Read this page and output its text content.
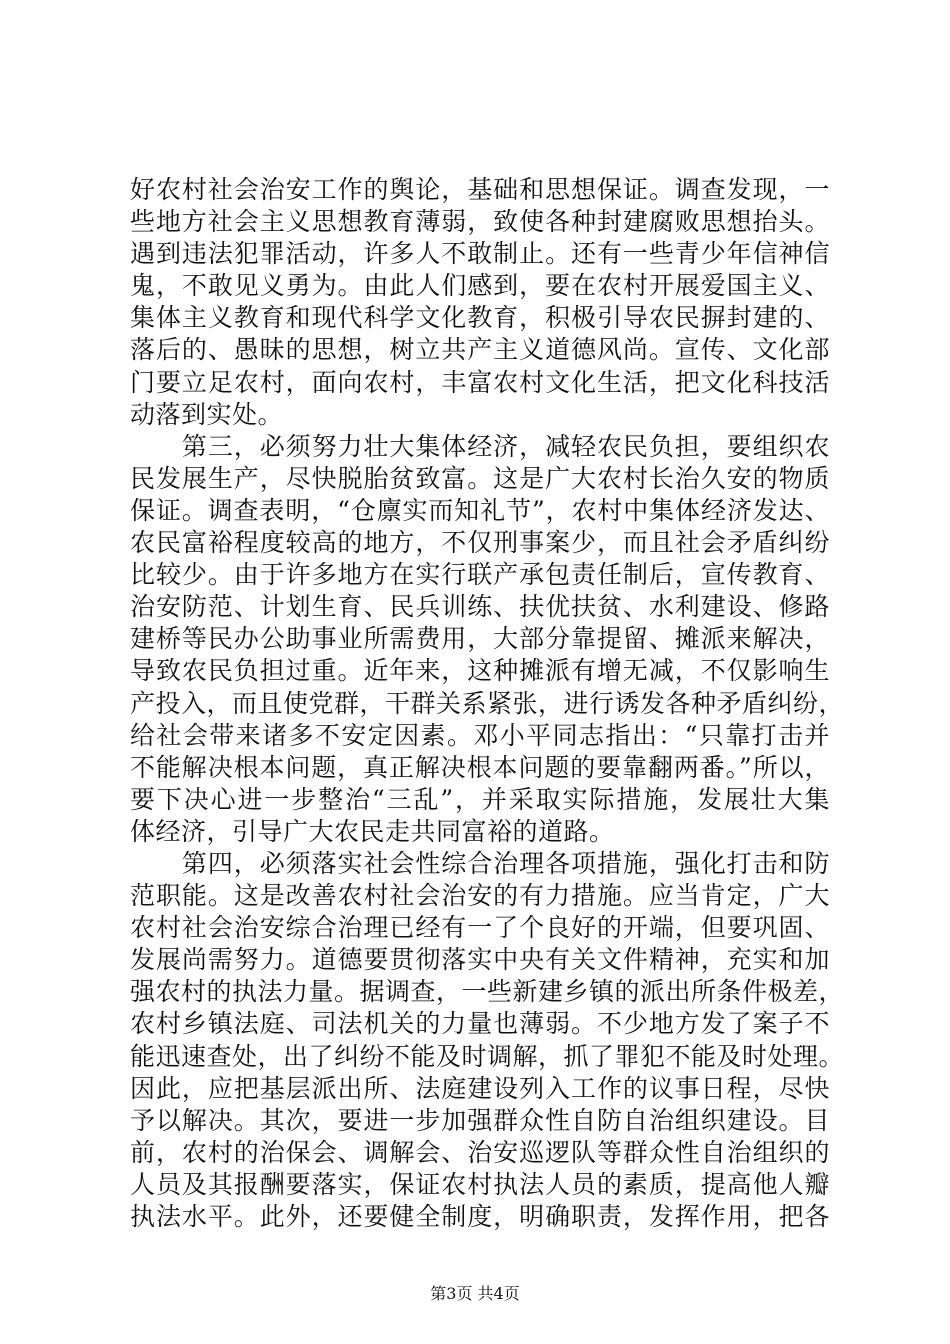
好农村社会治安工作的舆论，基础和思想保证。调查发现，一
些地方社会主义思想教育薄弱，致使各种封建腐败思想抬头。
遇到违法犯罪活动，许多人不敢制止。还有一些青少年信神信
鬼，不敢见义勇为。由此人们感到，要在农村开展爱国主义、
集体主义教育和现代科学文化教育，积极引导农民摒封建的、
落后的、愚昧的思想，树立共产主义道德风尚。宣传、文化部
门要立足农村，面向农村，丰富农村文化生活，把文化科技活
动落到实处。
　　第三，必须努力壮大集体经济，减轻农民负担，要组织农
民发展生产，尽快脱胎贫致富。这是广大农村长治久安的物质
保证。调查表明，“仓廪实而知礼节”，农村中集体经济发达、
农民富裕程度较高的地方，不仅刑事案少，而且社会矛盾纠纷
比较少。由于许多地方在实行联产承包责任制后，宣传教育、
治安防范、计划生育、民兵训练、扶优扶贫、水利建设、修路
建桥等民办公助事业所需费用，大部分靠提留、摊派来解决，
导致农民负担过重。近年来，这种摊派有增无减，不仅影响生
产投入，而且使党群，干群关系紧张，进行诱发各种矛盾纠纷，
给社会带来诸多不安定因素。邓小平同志指出：“只靠打击并
不能解决根本问题，真正解决根本问题的要靠翻两番。”所以，
要下决心进一步整治“三乱”，并采取实际措施，发展壮大集
体经济，引导广大农民走共同富裕的道路。
　　第四，必须落实社会性综合治理各项措施，强化打击和防
范职能。这是改善农村社会治安的有力措施。应当肯定，广大
农村社会治安综合治理已经有一了个良好的开端，但要巩固、
发展尚需努力。道德要贯彻落实中央有关文件精神，充实和加
强农村的执法力量。据调查，一些新建乡镇的派出所条件极差，
农村乡镇法庭、司法机关的力量也薄弱。不少地方发了案子不
能迅速查处，出了纠纷不能及时调解，抓了罪犯不能及时处理。
因此，应把基层派出所、法庭建设列入工作的议事日程，尽快
予以解决。其次，要进一步加强群众性自防自治组织建设。目
前，农村的治保会、调解会、治安巡逻队等群众性自治组织的
人员及其报酬要落实，保证农村执法人员的素质，提高他人瓣
执法水平。此外，还要健全制度，明确职责，发挥作用，把各
第3页 共4页
